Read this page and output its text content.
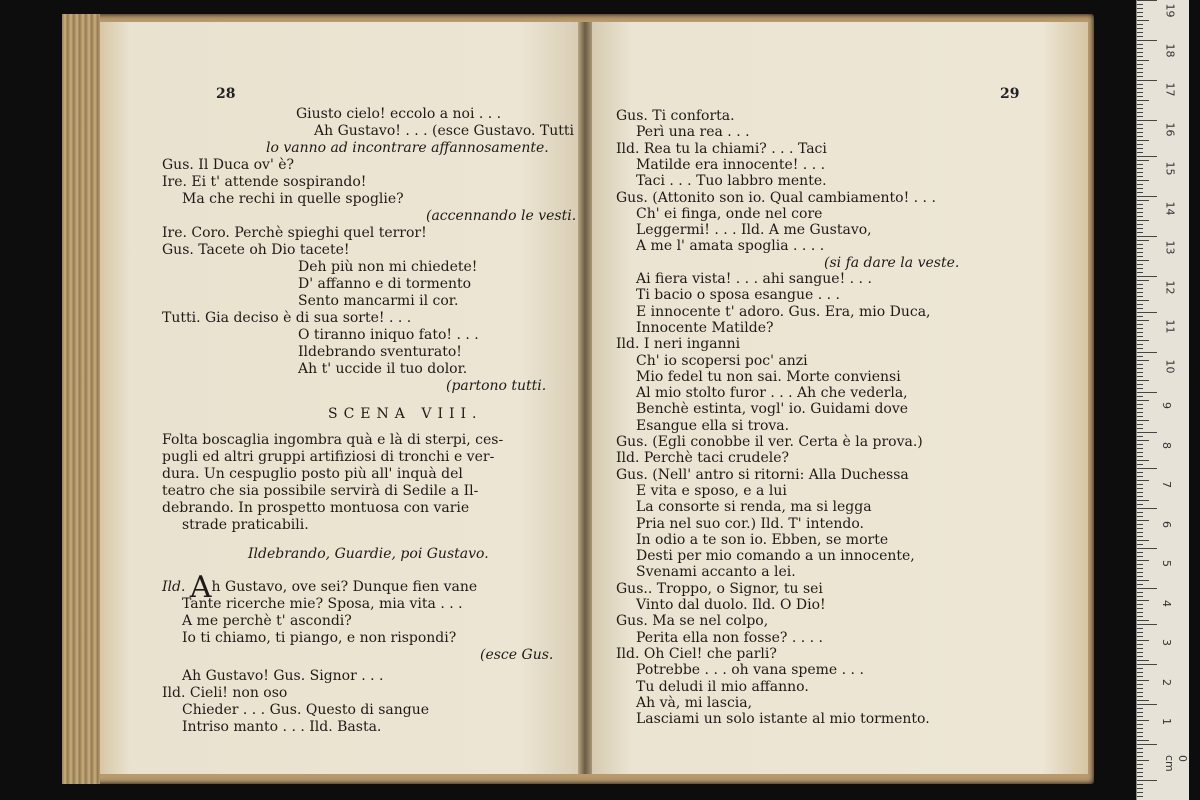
28
Giusto cielo! eccolo a noi . . .
Ah Gustavo! . . . (esce Gustavo. Tutti
lo vanno ad incontrare affannosamente.
Gus. Il Duca ov' è?
Ire. Ei t' attende sospirando!
Ma che rechi in quelle spoglie?
(accennando le vesti.
Ire. Coro. Perchè spieghi quel terror!
Gus. Tacete oh Dio tacete!
Deh più non mi chiedete!
D' affanno e di tormento
Sento mancarmi il cor.
Tutti. Gia deciso è di sua sorte! . . .
O tiranno iniquo fato! . . .
Ildebrando sventurato!
Ah t' uccide il tuo dolor.
(partono tutti.
SCENA VIII.
Folta boscaglia ingombra quà e là di sterpi, ces-
pugli ed altri gruppi artifiziosi di tronchi e ver-
dura. Un cespuglio posto più all' inquà del
teatro che sia possibile servirà di Sedile a Il-
debrando. In prospetto montuosa con varie
strade praticabili.
Ildebrando, Guardie, poi Gustavo.
Ild. Ah Gustavo, ove sei? Dunque fien vane
Tante ricerche mie? Sposa, mia vita . . .
A me perchè t' ascondi?
Io ti chiamo, ti piango, e non rispondi?
(esce Gus.
Ah Gustavo! Gus. Signor . . .
Ild. Cieli! non oso
Chieder . . . Gus. Questo di sangue
Intriso manto . . . Ild. Basta.
29
Gus. Ti conforta.
Perì una rea . . .
Ild. Rea tu la chiami? . . . Taci
Matilde era innocente! . . .
Taci . . . Tuo labbro mente.
Gus. (Attonito son io. Qual cambiamento! . . .
Ch' ei finga, onde nel core
Leggermi! . . . Ild. A me Gustavo,
A me l' amata spoglia . . . .
(si fa dare la veste.
Ai fiera vista! . . . ahi sangue! . . .
Ti bacio o sposa esangue . . .
E innocente t' adoro. Gus. Era, mio Duca,
Innocente Matilde?
Ild. I neri inganni
Ch' io scopersi poc' anzi
Mio fedel tu non sai. Morte conviensi
Al mio stolto furor . . . Ah che vederla,
Benchè estinta, vogl' io. Guidami dove
Esangue ella si trova.
Gus. (Egli conobbe il ver. Certa è la prova.)
Ild. Perchè taci crudele?
Gus. (Nell' antro si ritorni: Alla Duchessa
E vita e sposo, e a lui
La consorte si renda, ma si legga
Pria nel suo cor.) Ild. T' intendo.
In odio a te son io. Ebben, se morte
Desti per mio comando a un innocente,
Svenami accanto a lei.
Gus.. Troppo, o Signor, tu sei
Vinto dal duolo. Ild. O Dio!
Gus. Ma se nel colpo,
Perita ella non fosse? . . . .
Ild. Oh Ciel! che parli?
Potrebbe . . . oh vana speme . . .
Tu deludi il mio affanno.
Ah và, mi lascia,
Lasciami un solo istante al mio tormento.
19
18
17
16
15
14
13
12
11
10
9
8
7
6
5
4
3
2
1
0 cm
